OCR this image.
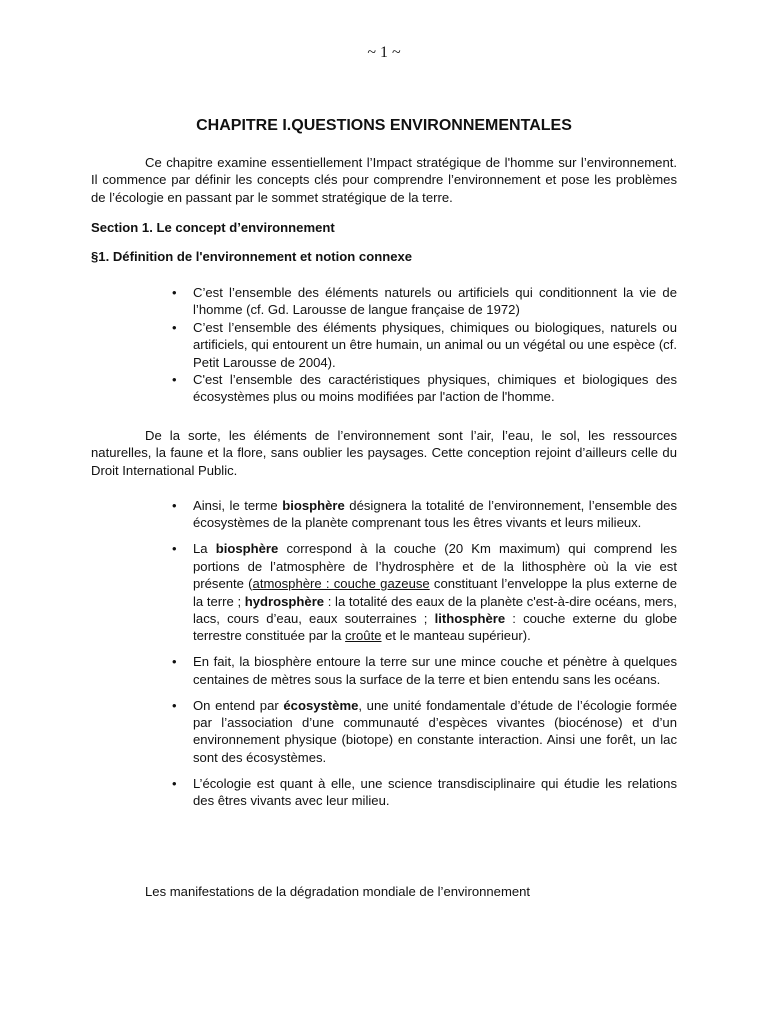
~ 1 ~
CHAPITRE I.QUESTIONS ENVIRONNEMENTALES

Ce chapitre examine essentiellement l’Impact stratégique de l'homme sur l’environnement. Il commence par définir les concepts clés pour comprendre l’environnement et pose les problèmes de l’écologie en passant par le sommet stratégique de la terre.

Section 1. Le concept d’environnement

§1. Définition de l'environnement et notion connexe

• C’est l’ensemble des éléments naturels ou artificiels qui conditionnent la vie de l’homme (cf. Gd. Larousse de langue française de 1972)
• C’est l’ensemble des éléments physiques, chimiques ou biologiques, naturels ou artificiels, qui entourent un être humain, un animal ou un végétal ou une espèce (cf. Petit Larousse de 2004).
• C'est l’ensemble des caractéristiques physiques, chimiques et biologiques des écosystèmes plus ou moins modifiées par l'action de l'homme.

De la sorte, les éléments de l’environnement sont l’air, l’eau, le sol, les ressources naturelles, la faune et la flore, sans oublier les paysages. Cette conception rejoint d’ailleurs celle du Droit International Public.

• Ainsi, le terme biosphère désignera la totalité de l’environnement, l’ensemble des écosystèmes de la planète comprenant tous les êtres vivants et leurs milieux.
• La biosphère correspond à la couche (20 Km maximum) qui comprend les portions de l’atmosphère de l’hydrosphère et de la lithosphère où la vie est présente (atmosphère : couche gazeuse constituant l’enveloppe la plus externe de la terre ; hydrosphère : la totalité des eaux de la planète c'est-à-dire océans, mers, lacs, cours d’eau, eaux souterraines ; lithosphère : couche externe du globe terrestre constituée par la croûte et le manteau supérieur).
• En fait, la biosphère entoure la terre sur une mince couche et pénètre à quelques centaines de mètres sous la surface de la terre et bien entendu sans les océans.
• On entend par écosystème, une unité fondamentale d’étude de l’écologie formée par l’association d’une communauté d’espèces vivantes (biocénose) et d’un environnement physique (biotope) en constante interaction. Ainsi une forêt, un lac sont des écosystèmes.
• L’écologie est quant à elle, une science transdisciplinaire qui étudie les relations des êtres vivants avec leur milieu.

Les manifestations de la dégradation mondiale de l’environnement
